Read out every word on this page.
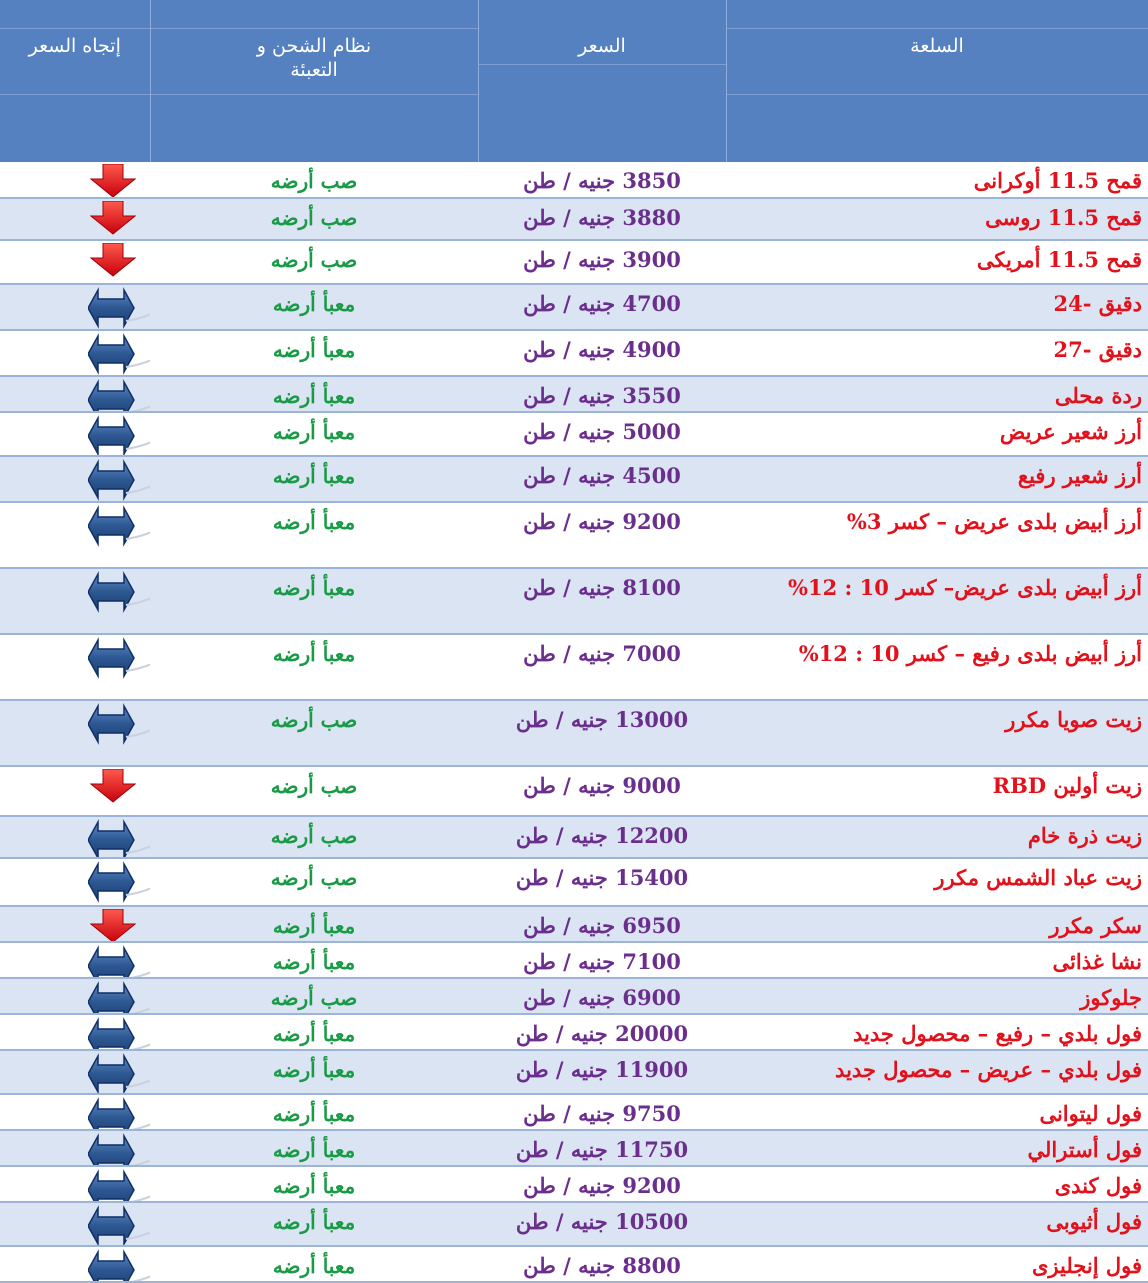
إتجاه السعر	نظام الشحن و التعبئة	السعر	السلعة

	صب أرضه	3850 جنيه / طن	قمح 11.5 أوكرانى

	صب أرضه	3880 جنيه / طن	قمح 11.5 روسى

	صب أرضه	3900 جنيه / طن	قمح 11.5 أمريكى

	معبأ أرضه	4700 جنيه / طن	دقيق -24

	معبأ أرضه	4900 جنيه / طن	دقيق -27

	معبأ أرضه	3550 جنيه / طن	ردة محلى

	معبأ أرضه	5000 جنيه / طن	أرز شعير عريض

	معبأ أرضه	4500 جنيه / طن	أرز شعير رفيع

	معبأ أرضه	9200 جنيه / طن	أرز أبيض بلدى عريض – كسر 3%

	معبأ أرضه	8100 جنيه / طن	أرز أبيض بلدى عريض– كسر 10 : 12%

	معبأ أرضه	7000 جنيه / طن	أرز أبيض بلدى رفيع – كسر 10 : 12%

	صب أرضه	13000 جنيه / طن	زيت صويا مكرر

	صب أرضه	9000 جنيه / طن	زيت أولين RBD

	صب أرضه	12200 جنيه / طن	زيت ذرة خام

	صب أرضه	15400 جنيه / طن	زيت عباد الشمس مكرر

	معبأ أرضه	6950 جنيه / طن	سكر مكرر

	معبأ أرضه	7100 جنيه / طن	نشا غذائى

	صب أرضه	6900 جنيه / طن	جلوكوز

	معبأ أرضه	20000 جنيه / طن	فول بلدي – رفيع – محصول جديد

	معبأ أرضه	11900 جنيه / طن	فول بلدي – عريض – محصول جديد

	معبأ أرضه	9750 جنيه / طن	فول ليتوانى

	معبأ أرضه	11750 جنيه / طن	فول أسترالي

	معبأ أرضه	9200 جنيه / طن	فول كندى

	معبأ أرضه	10500 جنيه / طن	فول أثيوبى

	معبأ أرضه	8800 جنيه / طن	فول إنجليزى
